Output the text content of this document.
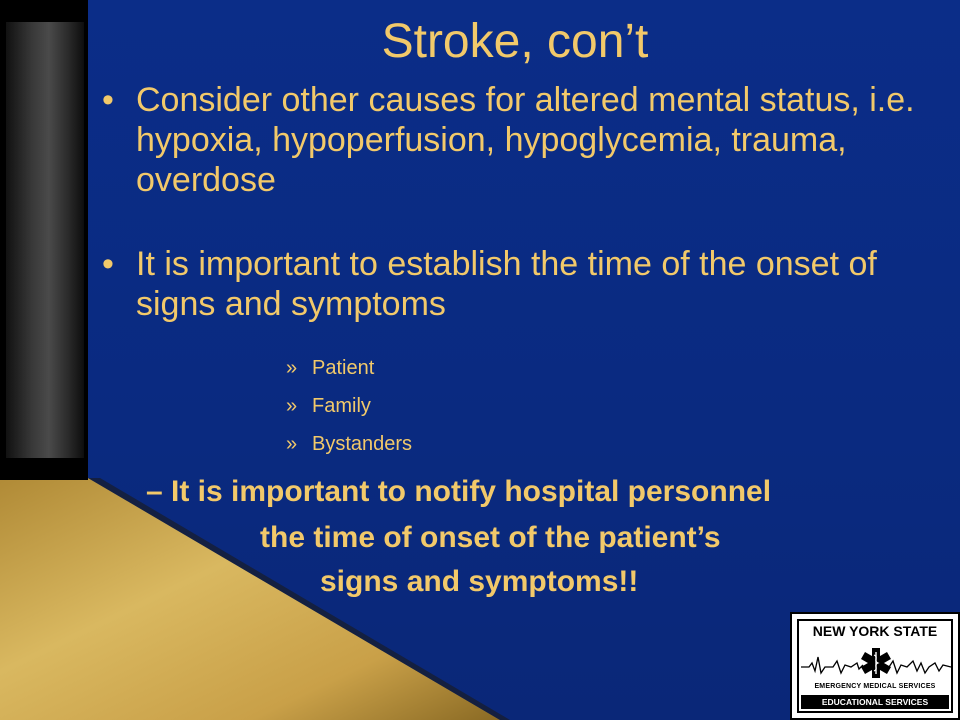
Stroke, con’t
• Consider other causes for altered mental status, i.e. hypoxia, hypoperfusion, hypoglycemia, trauma, overdose
• It is important to establish the time of the onset of signs and symptoms
» Patient
» Family
» Bystanders
– It is important to notify hospital personnel
the time of onset of the patient’s
signs and symptoms!!
NEW YORK STATE
EMERGENCY MEDICAL SERVICES
EDUCATIONAL SERVICES
